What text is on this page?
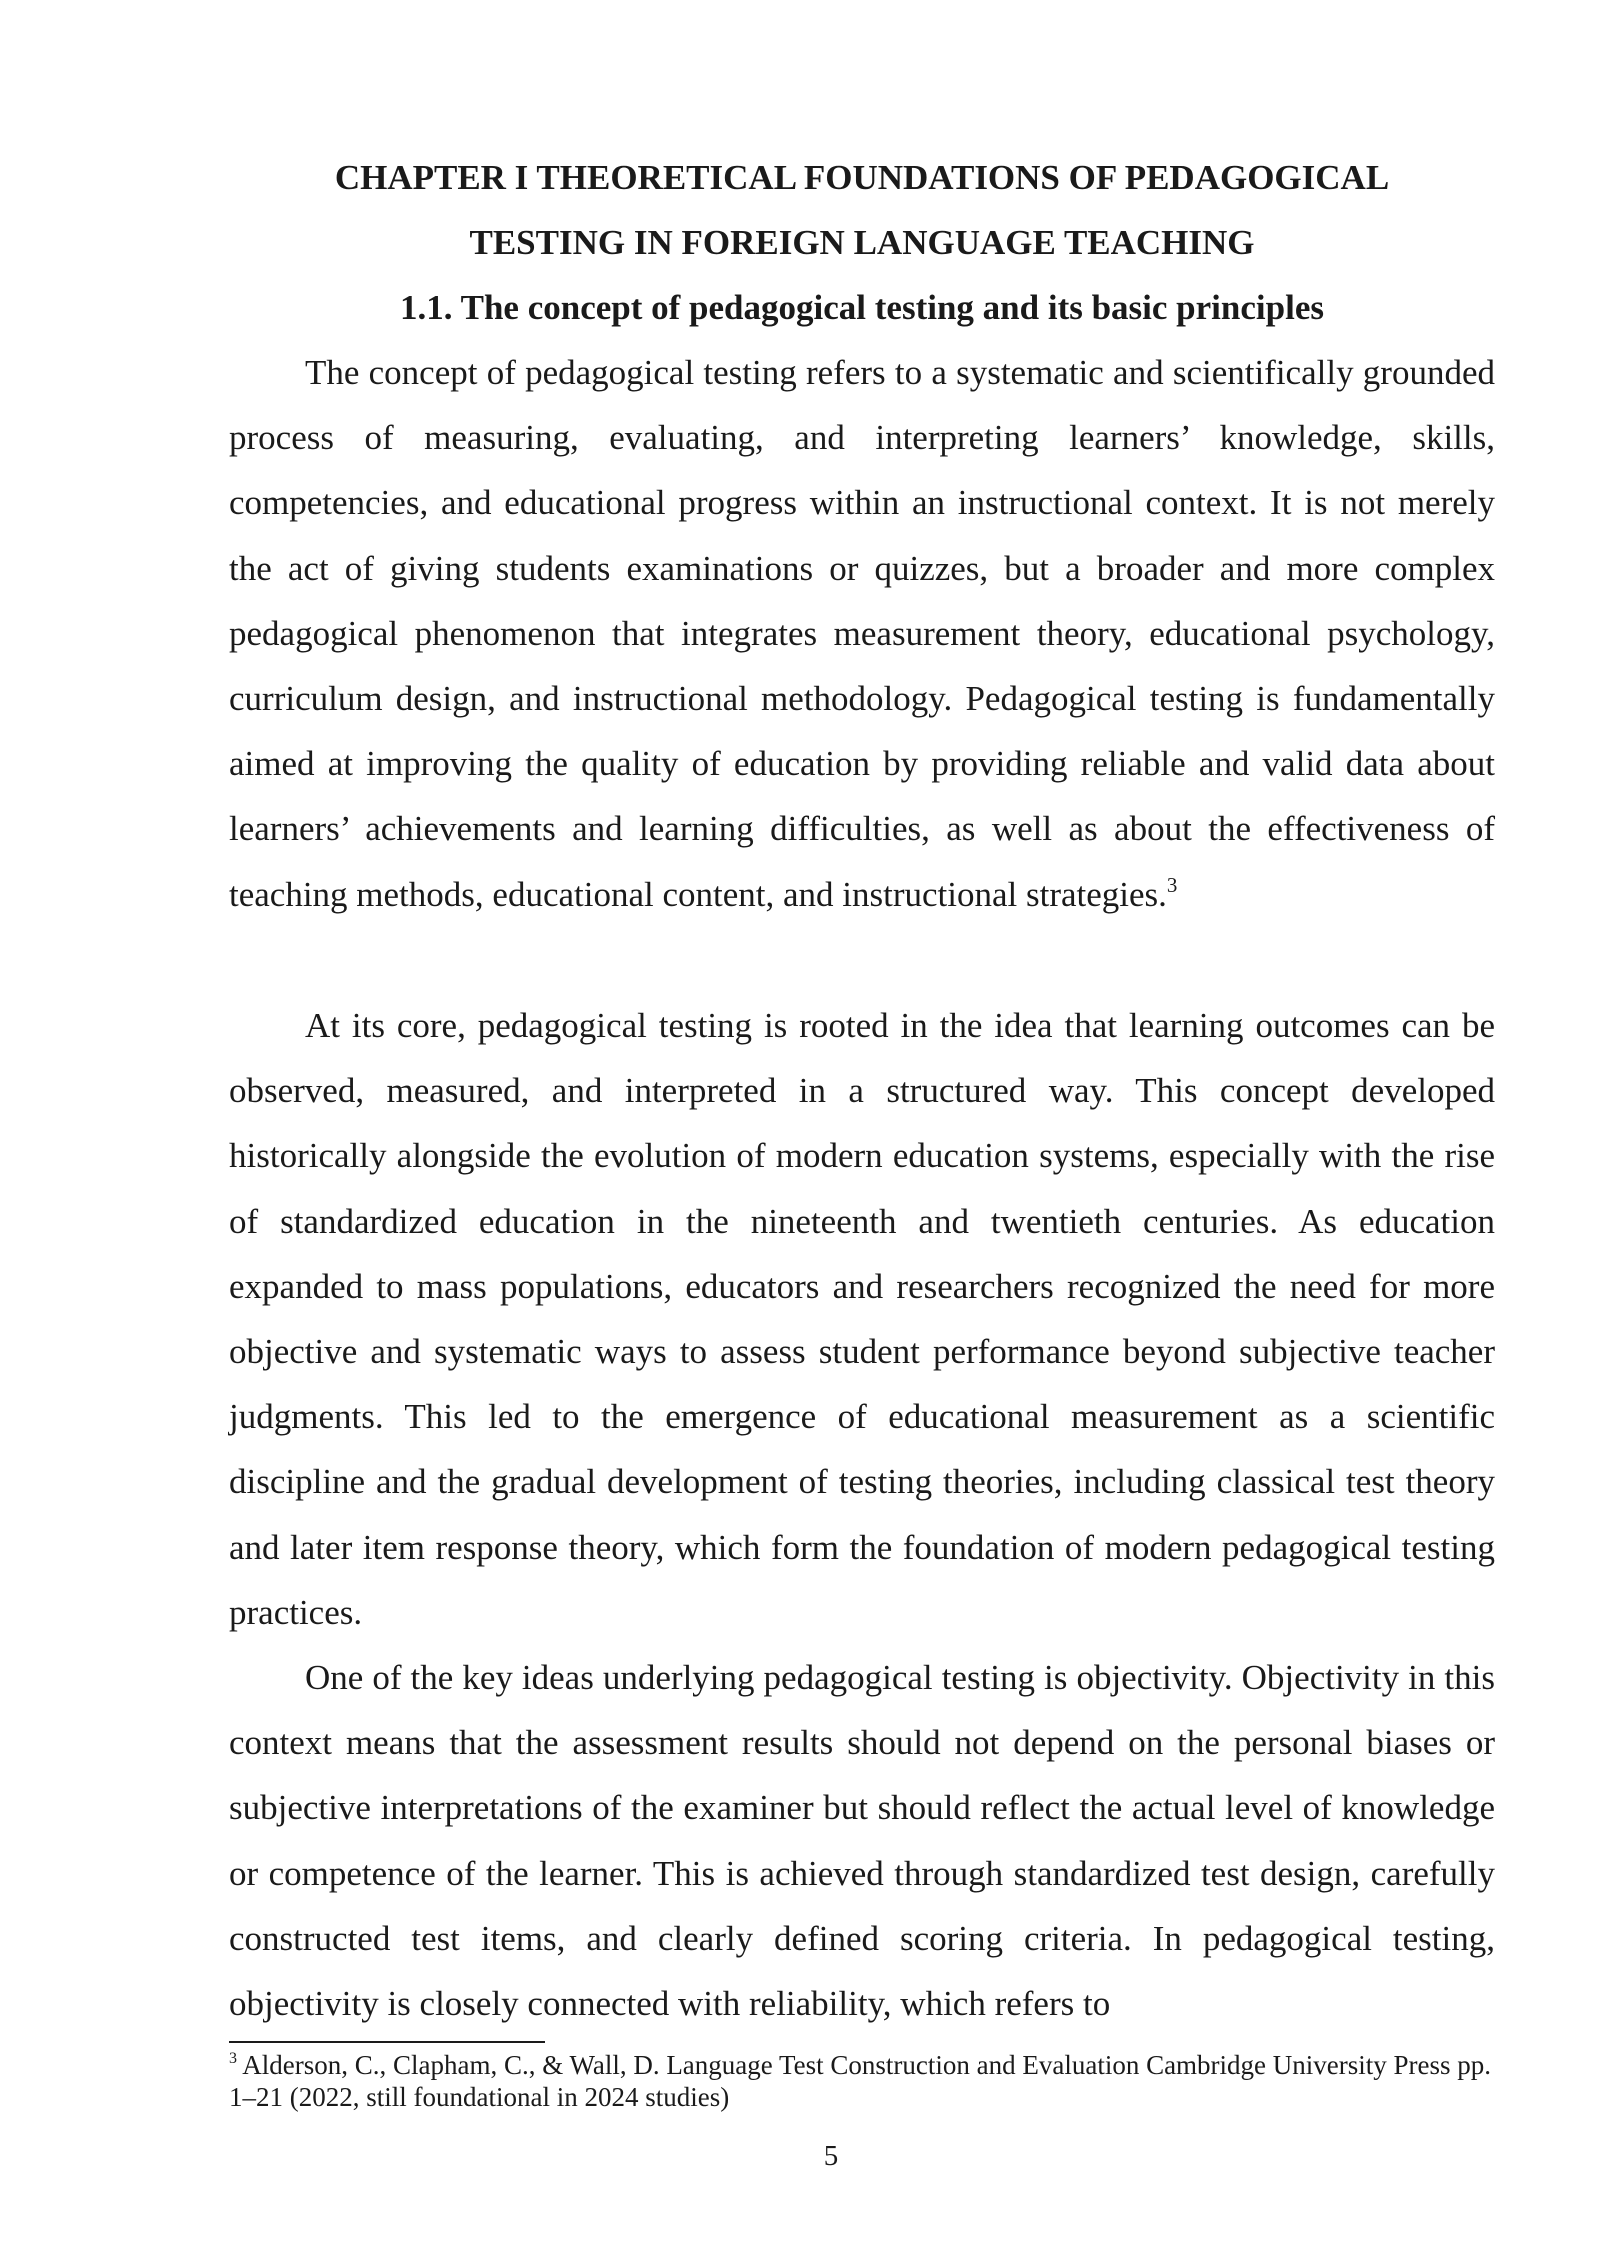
CHAPTER I THEORETICAL FOUNDATIONS OF PEDAGOGICAL
TESTING IN FOREIGN LANGUAGE TEACHING
1.1. The concept of pedagogical testing and its basic principles

The concept of pedagogical testing refers to a systematic and scientifically grounded process of measuring, evaluating, and interpreting learners’ knowledge, skills, competencies, and educational progress within an instructional context. It is not merely the act of giving students examinations or quizzes, but a broader and more complex pedagogical phenomenon that integrates measurement theory, educational psychology, curriculum design, and instructional methodology. Pedagogical testing is fundamentally aimed at improving the quality of education by providing reliable and valid data about learners’ achievements and learning difficulties, as well as about the effectiveness of teaching methods, educational content, and instructional strategies.$^3$

At its core, pedagogical testing is rooted in the idea that learning outcomes can be observed, measured, and interpreted in a structured way. This concept developed historically alongside the evolution of modern education systems, especially with the rise of standardized education in the nineteenth and twentieth centuries. As education expanded to mass populations, educators and researchers recognized the need for more objective and systematic ways to assess student performance beyond subjective teacher judgments. This led to the emergence of educational measurement as a scientific discipline and the gradual development of testing theories, including classical test theory and later item response theory, which form the foundation of modern pedagogical testing practices.

One of the key ideas underlying pedagogical testing is objectivity. Objectivity in this context means that the assessment results should not depend on the personal biases or subjective interpretations of the examiner but should reflect the actual level of knowledge or competence of the learner. This is achieved through standardized test design, carefully constructed test items, and clearly defined scoring criteria. In pedagogical testing, objectivity is closely connected with reliability, which refers to

$^3$ Alderson, C., Clapham, C., & Wall, D. Language Test Construction and Evaluation Cambridge University Press pp. 1–21 (2022, still foundational in 2024 studies)

5
